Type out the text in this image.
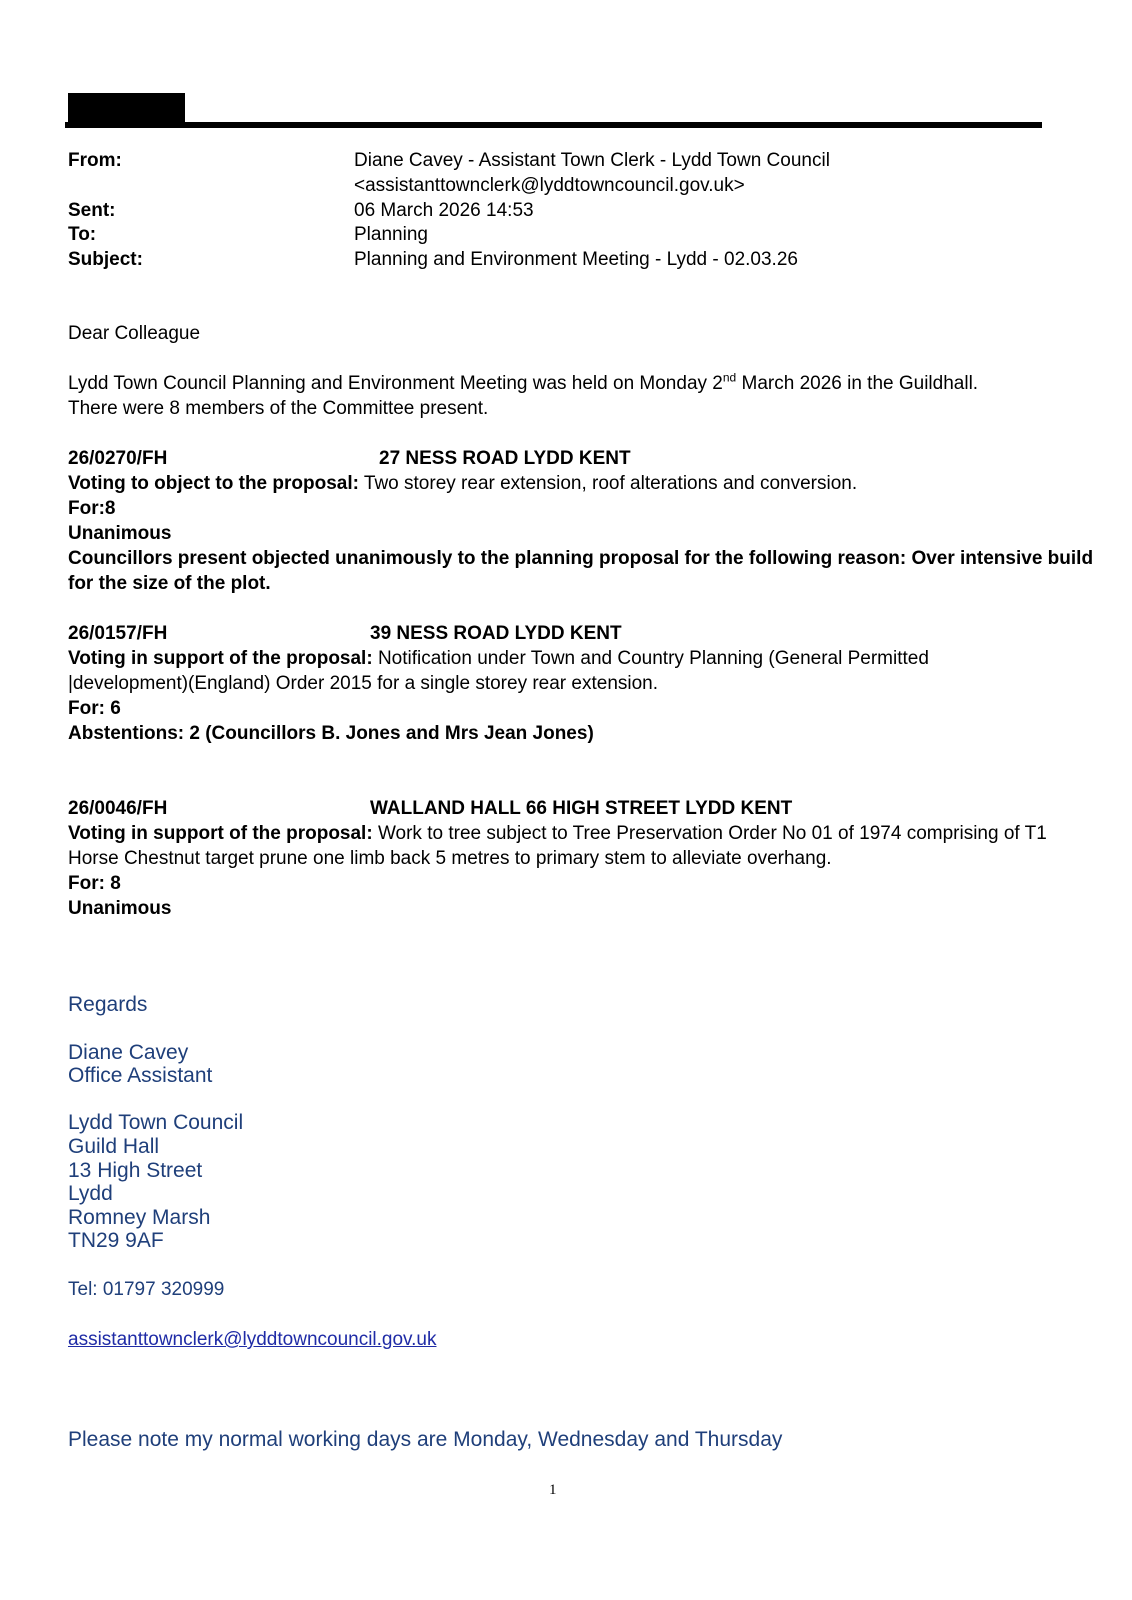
From:	Diane Cavey - Assistant Town Clerk - Lydd Town Council
<assistanttownclerk@lyddtowncouncil.gov.uk>
Sent:	06 March 2026 14:53
To:	Planning
Subject:	Planning and Environment Meeting - Lydd - 02.03.26
Dear Colleague
Lydd Town Council Planning and Environment Meeting was held on Monday 2nd March 2026 in the Guildhall.
There were 8 members of the Committee present.
26/0270/FH	27 NESS ROAD LYDD KENT
Voting to object to the proposal: Two storey rear extension, roof alterations and conversion.
For:8
Unanimous
Councillors present objected unanimously to the planning proposal for the following reason: Over intensive build
for the size of the plot.
26/0157/FH	39 NESS ROAD LYDD KENT
Voting in support of the proposal: Notification under Town and Country Planning (General Permitted
|development)(England) Order 2015 for a single storey rear extension.
For: 6
Abstentions: 2 (Councillors B. Jones and Mrs Jean Jones)
26/0046/FH	WALLAND HALL 66 HIGH STREET LYDD KENT
Voting in support of the proposal: Work to tree subject to Tree Preservation Order No 01 of 1974 comprising of T1
Horse Chestnut target prune one limb back 5 metres to primary stem to alleviate overhang.
For: 8
Unanimous
Regards
Diane Cavey
Office Assistant
Lydd Town Council
Guild Hall
13 High Street
Lydd
Romney Marsh
TN29 9AF
Tel: 01797 320999
assistanttownclerk@lyddtowncouncil.gov.uk
Please note my normal working days are Monday, Wednesday and Thursday
1
